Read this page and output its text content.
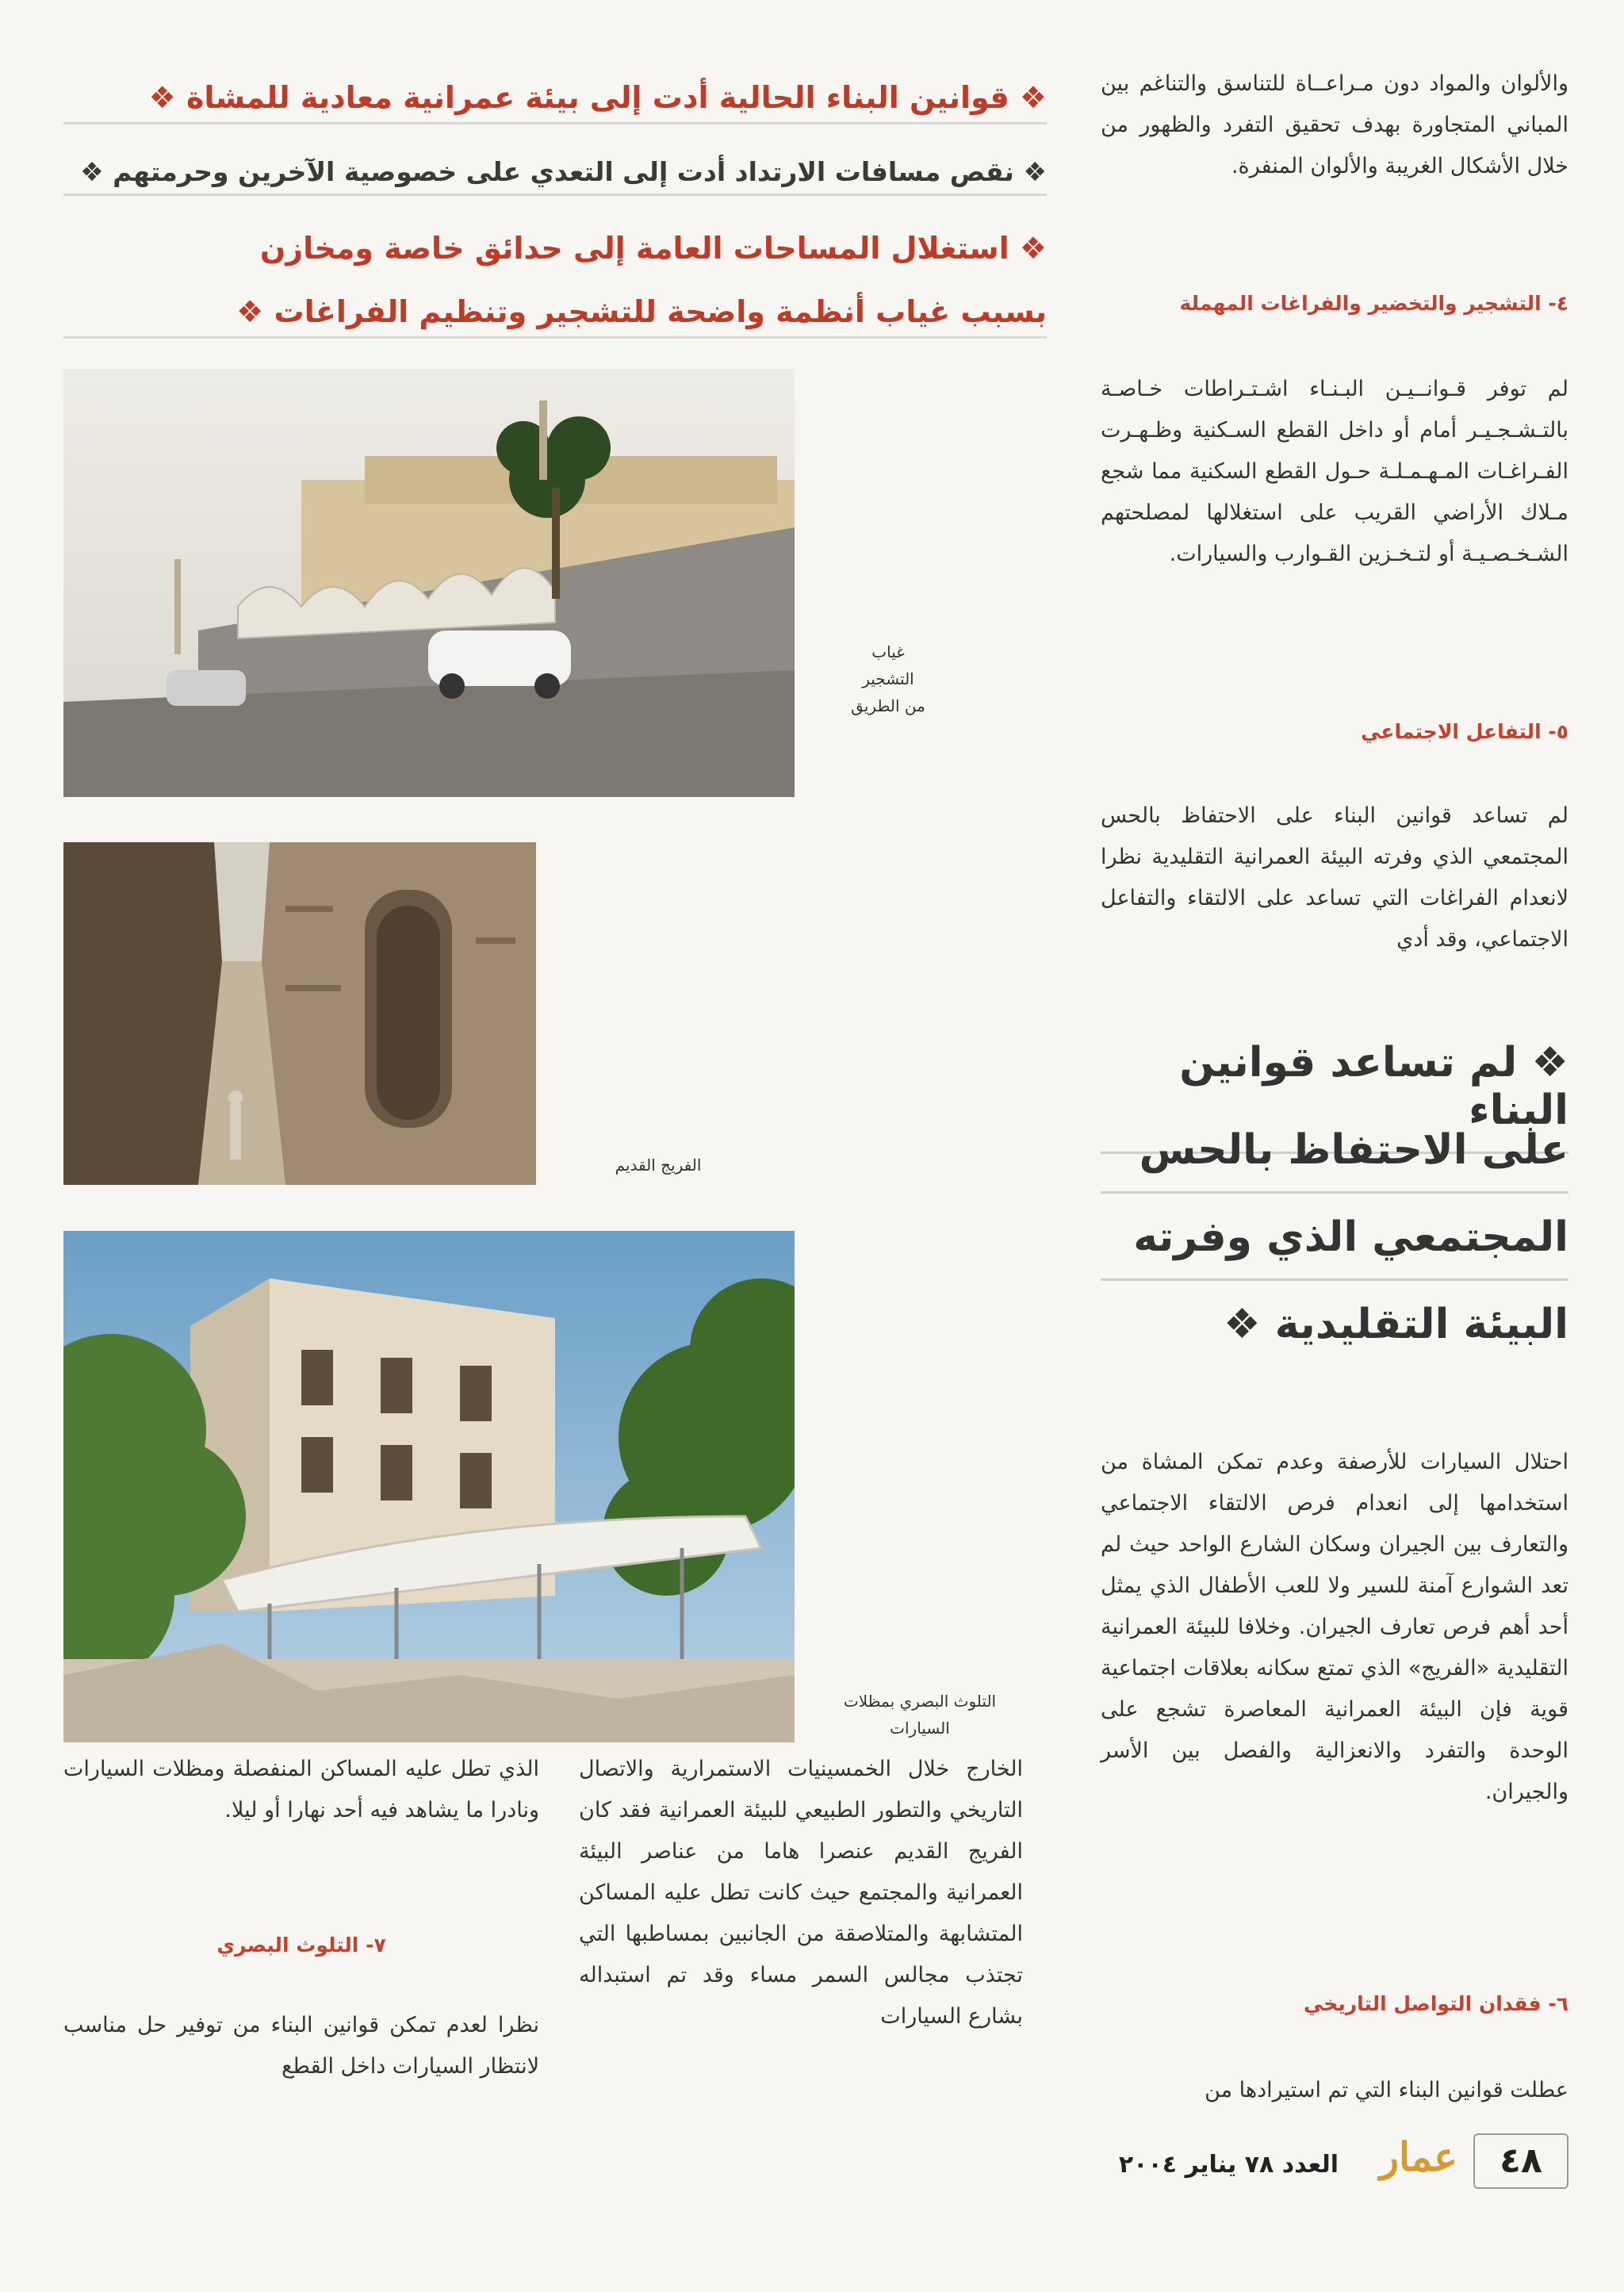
❖ قوانين البناء الحالية أدت إلى بيئة عمرانية معادية للمشاة ❖
❖ نقص مسافات الارتداد أدت إلى التعدي على خصوصية الآخرين وحرمتهم ❖
❖ استغلال المساحات العامة إلى حدائق خاصة ومخازن
بسبب غياب أنظمة واضحة للتشجير وتنظيم الفراغات ❖
والألوان والمواد دون مـراعــاة للتناسق والتناغم بين المباني المتجاورة بهدف تحقيق التفرد والظهور من خلال الأشكال الغريبة والألوان المنفرة.
٤- التشجير والتخضير والفراغات المهملة
لم توفر قـوانــيـن البـنـاء اشـتـراطات خـاصـة بالتـشـجـيـر أمام أو داخل القطع السـكنية وظـهـرت الفـراغـات المـهـمـلـة حـول القطع السكنية مما شجع مـلاك الأراضي القريب على استغلالها لمصلحتهم الشـخـصـيـة أو لتـخـزين القـوارب والسيارات.
٥- التفاعل الاجتماعي
لم تساعد قوانين البناء على الاحتفاظ بالحس المجتمعي الذي وفرته البيئة العمرانية التقليدية نظرا لانعدام الفراغات التي تساعد على الالتقاء والتفاعل الاجتماعي، وقد أدي
❖ لم تساعد قوانين البناء
على الاحتفاظ بالحس
المجتمعي الذي وفرته
البيئة التقليدية ❖
احتلال السيارات للأرصفة وعدم تمكن المشاة من استخدامها إلى انعدام فرص الالتقاء الاجتماعي والتعارف بين الجيران وسكان الشارع الواحد حيث لم تعد الشوارع آمنة للسير ولا للعب الأطفال الذي يمثل أحد أهم فرص تعارف الجيران. وخلافا للبيئة العمرانية التقليدية «الفريج» الذي تمتع سكانه بعلاقات اجتماعية قوية فإن البيئة العمرانية المعاصرة تشجع على الوحدة والتفرد والانعزالية والفصل بين الأسر والجيران.
٦- فقدان التواصل التاريخي
عطلت قوانين البناء التي تم استيرادها من
الخارج خلال الخمسينيات الاستمرارية والاتصال التاريخي والتطور الطبيعي للبيئة العمرانية فقد كان الفريج القديم عنصرا هاما من عناصر البيئة العمرانية والمجتمع حيث كانت تطل عليه المساكن المتشابهة والمتلاصقة من الجانبين بمساطبها التي تجتذب مجالس السمر مساء وقد تم استبداله بشارع السيارات
الذي تطل عليه المساكن المنفصلة ومظلات السيارات ونادرا ما يشاهد فيه أحد نهارا أو ليلا.
٧- التلوث البصري
نظرا لعدم تمكن قوانين البناء من توفير حل مناسب لانتظار السيارات داخل القطع
غياب
التشجير
من الطريق
الفريج القديم
التلوث البصري بمظلات
السيارات
٤٨
عمار
العدد ٧٨ يناير ٢٠٠٤
